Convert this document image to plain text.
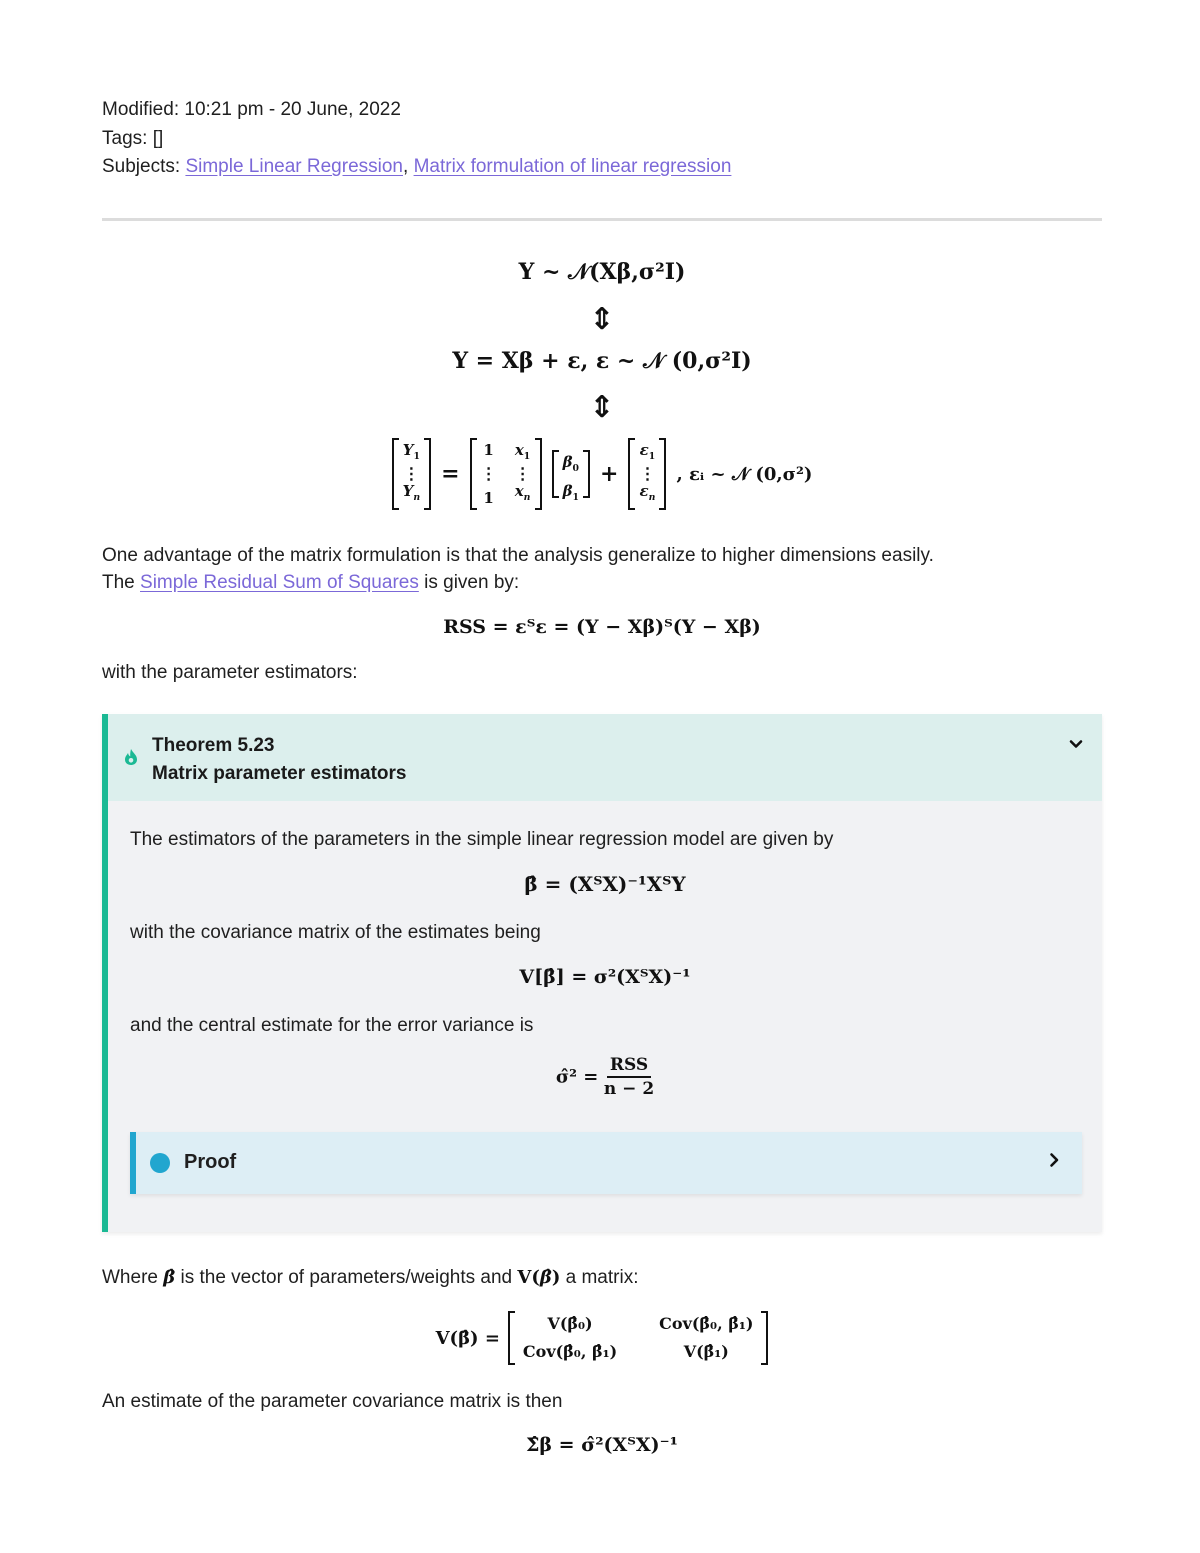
Modified: 10:21 pm - 20 June, 2022
Tags: []
Subjects: Simple Linear Regression, Matrix formulation of linear regression
Y ~ 𝒩(Xβ,σ²I)
⇕
Y = Xβ + ε, ε ~ 𝒩 (0,σ²I)
⇕
$Y_1$
⋮
$Y_n$
=
1
⋮
1
$x_1$
⋮
$x_n$
$\beta_0$
$\beta_1$
+
$\varepsilon_1$
⋮
$\varepsilon_n$
, εᵢ ~ 𝒩 (0,σ²)
One advantage of the matrix formulation is that the analysis generalize to higher dimensions easily.
The Simple Residual Sum of Squares is given by:
RSS = εᵀε = (Y − Xβ)ᵀ(Y − Xβ)
with the parameter estimators:
Theorem 5.23
Matrix parameter estimators
The estimators of the parameters in the simple linear regression model are given by
β̂ = (XᵀX)⁻¹XᵀY
with the covariance matrix of the estimates being
V[β̂] = σ²(XᵀX)⁻¹
and the central estimate for the error variance is
σ̂² = $\frac{\text{RSS}}{n - 2}$
Proof
Where β̂ is the vector of parameters/weights and V(β̂) a matrix:
V(β̂) =
V(β̂₀)	Cov(β̂₀, β̂₁)
Cov(β̂₀, β̂₁)	V(β̂₁)
An estimate of the parameter covariance matrix is then
Σ̂β = σ̂²(XᵀX)⁻¹
